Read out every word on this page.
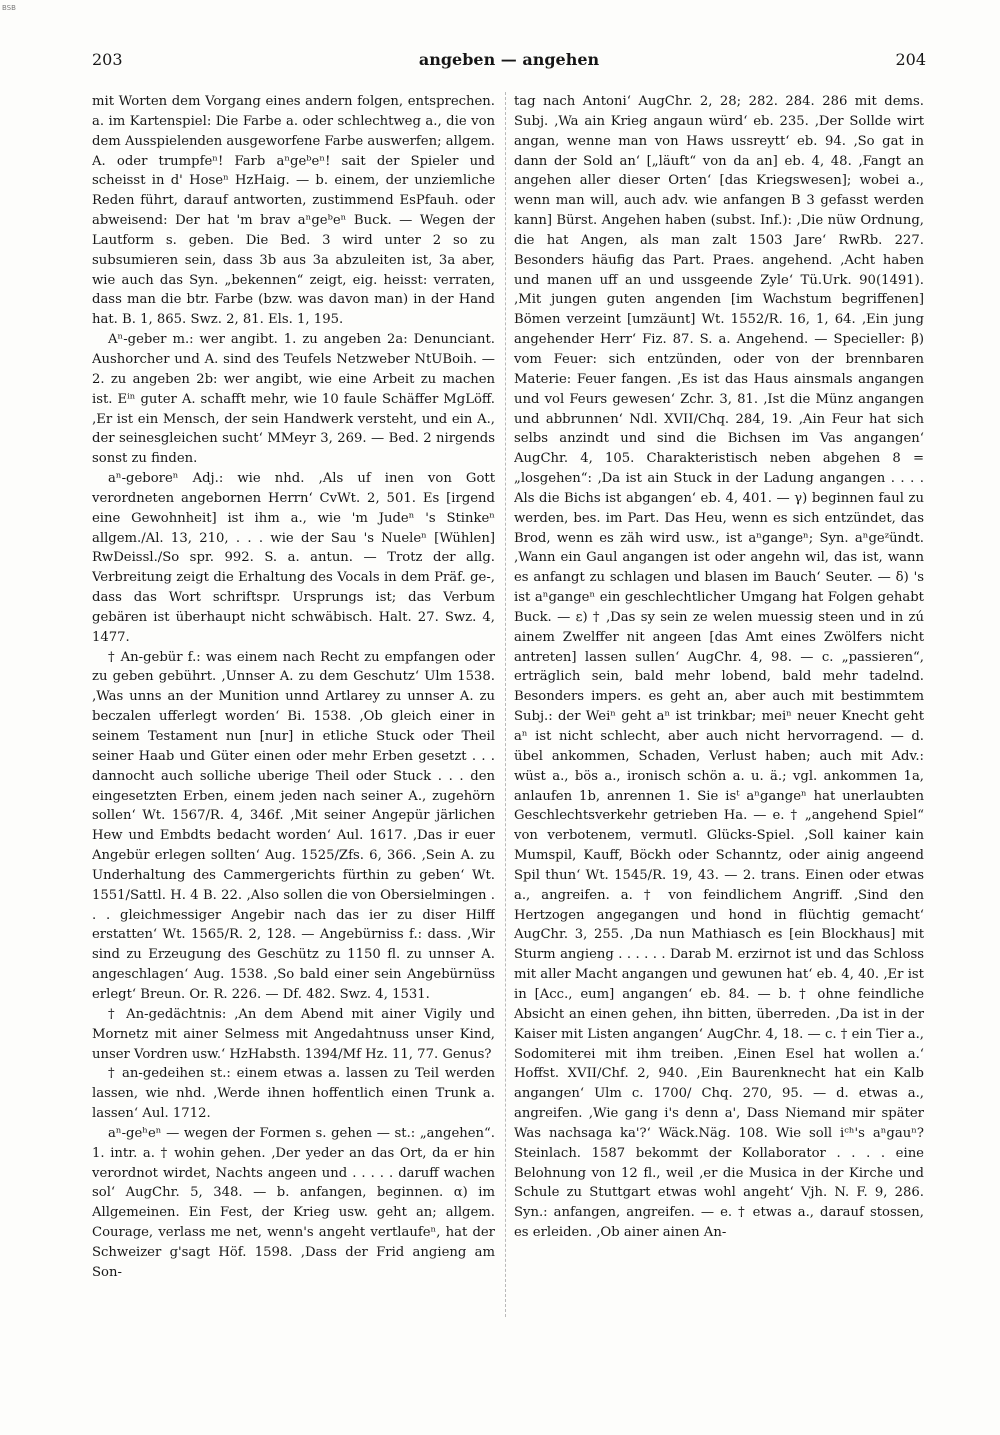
BSB
203	angeben — angehen	204

mit Worten dem Vorgang eines andern folgen, entsprechen. a. im Kartenspiel: Die Farbe a. oder schlechtweg a., die von dem Ausspielenden ausgeworfene Farbe auswerfen; allgem. A. oder trumpfeⁿ! Farb aⁿgeᵇeⁿ! sait der Spieler und scheisst in d' Hoseⁿ HzHaig. — b. einem, der unziemliche Reden führt, darauf antworten, zustimmend EsPfauh. oder abweisend: Der hat 'm brav aⁿgeᵇeⁿ Buck. — Wegen der Lautform s. geben. Die Bed. 3 wird unter 2 so zu subsumieren sein, dass 3b aus 3a abzuleiten ist, 3a aber, wie auch das Syn. „bekennen“ zeigt, eig. heisst: verraten, dass man die btr. Farbe (bzw. was davon man) in der Hand hat. B. 1, 865. Swz. 2, 81. Els. 1, 195.

Aⁿ-geber m.: wer angibt. 1. zu angeben 2a: Denunciant. Aushorcher und A. sind des Teufels Netzweber NtUBoih. — 2. zu angeben 2b: wer angibt, wie eine Arbeit zu machen ist. Eⁱⁿ guter A. schafft mehr, wie 10 faule Schäffer MgLöff. ‚Er ist ein Mensch, der sein Handwerk versteht, und ein A., der seinesgleichen sucht‘ MMeyr 3, 269. — Bed. 2 nirgends sonst zu finden.

aⁿ-geboreⁿ Adj.: wie nhd. ‚Als uf inen von Gott verordneten angebornen Herrn‘ CvWt. 2, 501. Es [irgend eine Gewohnheit] ist ihm a., wie 'm Judeⁿ 's Stinkeⁿ allgem./Al. 13, 210, . . . wie der Sau 's Nueleⁿ [Wühlen] RwDeissl./So spr. 992. S. a. antun. — Trotz der allg. Verbreitung zeigt die Erhaltung des Vocals in dem Präf. ge-, dass das Wort schriftspr. Ursprungs ist; das Verbum gebären ist überhaupt nicht schwäbisch. Halt. 27. Swz. 4, 1477.

† An-gebür f.: was einem nach Recht zu empfangen oder zu geben gebührt. ‚Unnser A. zu dem Geschutz‘ Ulm 1538. ‚Was unns an der Munition unnd Artlarey zu unnser A. zu beczalen ufferlegt worden‘ Bi. 1538. ‚Ob gleich einer in seinem Testament nun [nur] in etliche Stuck oder Theil seiner Haab und Güter einen oder mehr Erben gesetzt . . . dannocht auch solliche uberige Theil oder Stuck . . . den eingesetzten Erben, einem jeden nach seiner A., zugehörn sollen‘ Wt. 1567/R. 4, 346f. ‚Mit seiner Angepür järlichen Hew und Embdts bedacht worden‘ Aul. 1617. ‚Das ir euer Angebür erlegen sollten‘ Aug. 1525/Zfs. 6, 366. ‚Sein A. zu Underhaltung des Cammergerichts fürthin zu geben‘ Wt. 1551/Sattl. H. 4 B. 22. ‚Also sollen die von Obersielmingen . . . gleichmessiger Angebir nach das ier zu diser Hilff erstatten‘ Wt. 1565/R. 2, 128. — Angebürniss f.: dass. ‚Wir sind zu Erzeugung des Geschütz zu 1150 fl. zu unnser A. angeschlagen‘ Aug. 1538. ‚So bald einer sein Angebürnüss erlegt‘ Breun. Or. R. 226. — Df. 482. Swz. 4, 1531.

† An-gedächtnis: ‚An dem Abend mit ainer Vigily und Mornetz mit ainer Selmess mit Angedahtnuss unser Kind, unser Vordren usw.‘ HzHabsth. 1394/Mf Hz. 11, 77. Genus?

† an-gedeihen st.: einem etwas a. lassen zu Teil werden lassen, wie nhd. ‚Werde ihnen hoffentlich einen Trunk a. lassen‘ Aul. 1712.

aⁿ-geʰeⁿ — wegen der Formen s. gehen — st.: „angehen“. 1. intr. a. † wohin gehen. ‚Der yeder an das Ort, da er hin verordnot wirdet, Nachts angeen und . . . . . daruff wachen sol‘ AugChr. 5, 348. — b. anfangen, beginnen. α) im Allgemeinen. Ein Fest, der Krieg usw. geht an; allgem. Courage, verlass me net, wenn's angeht vertlaufeⁿ, hat der Schweizer g'sagt Höf. 1598. ‚Dass der Frid angieng am Son-

tag nach Antoni‘ AugChr. 2, 28; 282. 284. 286 mit dems. Subj. ‚Wa ain Krieg angaun würd‘ eb. 235. ‚Der Sollde wirt angan, wenne man von Haws ussreytt‘ eb. 94. ‚So gat in dann der Sold an‘ [„läuft“ von da an] eb. 4, 48. ‚Fangt an angehen aller dieser Orten‘ [das Kriegswesen]; wobei a., wenn man will, auch adv. wie anfangen B 3 gefasst werden kann] Bürst. Angehen haben (subst. Inf.): ‚Die nüw Ordnung, die hat Angen, als man zalt 1503 Jare‘ RwRb. 227. Besonders häufig das Part. Praes. angehend. ‚Acht haben und manen uff an und ussgeende Zyle‘ Tü.Urk. 90(1491). ‚Mit jungen guten angenden [im Wachstum begriffenen] Bömen verzeint [umzäunt] Wt. 1552/R. 16, 1, 64. ‚Ein jung angehender Herr‘ Fiz. 87. S. a. Angehend. — Specieller: β) vom Feuer: sich entzünden, oder von der brennbaren Materie: Feuer fangen. ‚Es ist das Haus ainsmals angangen und vol Feurs gewesen‘ Zchr. 3, 81. ‚Ist die Münz angangen und abbrunnen‘ Ndl. XVII/Chq. 284, 19. ‚Ain Feur hat sich selbs anzindt und sind die Bichsen im Vas angangen‘ AugChr. 4, 105. Charakteristisch neben abgehen 8 = „losgehen“: ‚Da ist ain Stuck in der Ladung angangen . . . . Als die Bichs ist abgangen‘ eb. 4, 401. — γ) beginnen faul zu werden, bes. im Part. Das Heu, wenn es sich entzündet, das Brod, wenn es zäh wird usw., ist aⁿgangeⁿ; Syn. aⁿgeᶻündt. ‚Wann ein Gaul angangen ist oder angehn wil, das ist, wann es anfangt zu schlagen und blasen im Bauch‘ Seuter. — δ) 's ist aⁿgangeⁿ ein geschlechtlicher Umgang hat Folgen gehabt Buck. — ε) † ‚Das sy sein ze welen muessig steen und in zú ainem Zwelffer nit angeen [das Amt eines Zwölfers nicht antreten] lassen sullen‘ AugChr. 4, 98. — c. „passieren“, erträglich sein, bald mehr lobend, bald mehr tadelnd. Besonders impers. es geht an, aber auch mit bestimmtem Subj.: der Weiⁿ geht aⁿ ist trinkbar; meiⁿ neuer Knecht geht aⁿ ist nicht schlecht, aber auch nicht hervorragend. — d. übel ankommen, Schaden, Verlust haben; auch mit Adv.: wüst a., bös a., ironisch schön a. u. ä.; vgl. ankommen 1a, anlaufen 1b, anrennen 1. Sie isᵗ aⁿgangeⁿ hat unerlaubten Geschlechtsverkehr getrieben Ha. — e. † „angehend Spiel“ von verbotenem, vermutl. Glücks-Spiel. ‚Soll kainer kain Mumspil, Kauff, Böckh oder Schanntz, oder ainig angeend Spil thun‘ Wt. 1545/R. 19, 43. — 2. trans. Einen oder etwas a., angreifen. a. † von feindlichem Angriff. ‚Sind den Hertzogen angegangen und hond in flüchtig gemacht‘ AugChr. 3, 255. ‚Da nun Mathiasch es [ein Blockhaus] mit Sturm angieng . . . . . . Darab M. erzirnot ist und das Schloss mit aller Macht angangen und gewunen hat‘ eb. 4, 40. ‚Er ist in [Acc., eum] angangen‘ eb. 84. — b. † ohne feindliche Absicht an einen gehen, ihn bitten, überreden. ‚Da ist in der Kaiser mit Listen angangen‘ AugChr. 4, 18. — c. † ein Tier a., Sodomiterei mit ihm treiben. ‚Einen Esel hat wollen a.‘ Hoffst. XVII/Chf. 2, 940. ‚Ein Baurenknecht hat ein Kalb angangen‘ Ulm c. 1700/ Chq. 270, 95. — d. etwas a., angreifen. ‚Wie gang i's denn a', Dass Niemand mir später Was nachsaga ka'?‘ Wäck.Näg. 108. Wie soll iᶜʰ's aⁿgauⁿ? Steinlach. 1587 bekommt der Kollaborator . . . . eine Belohnung von 12 fl., weil ‚er die Musica in der Kirche und Schule zu Stuttgart etwas wohl angeht‘ Vjh. N. F. 9, 286. Syn.: anfangen, angreifen. — e. † etwas a., darauf stossen, es erleiden. ‚Ob ainer ainen An-
